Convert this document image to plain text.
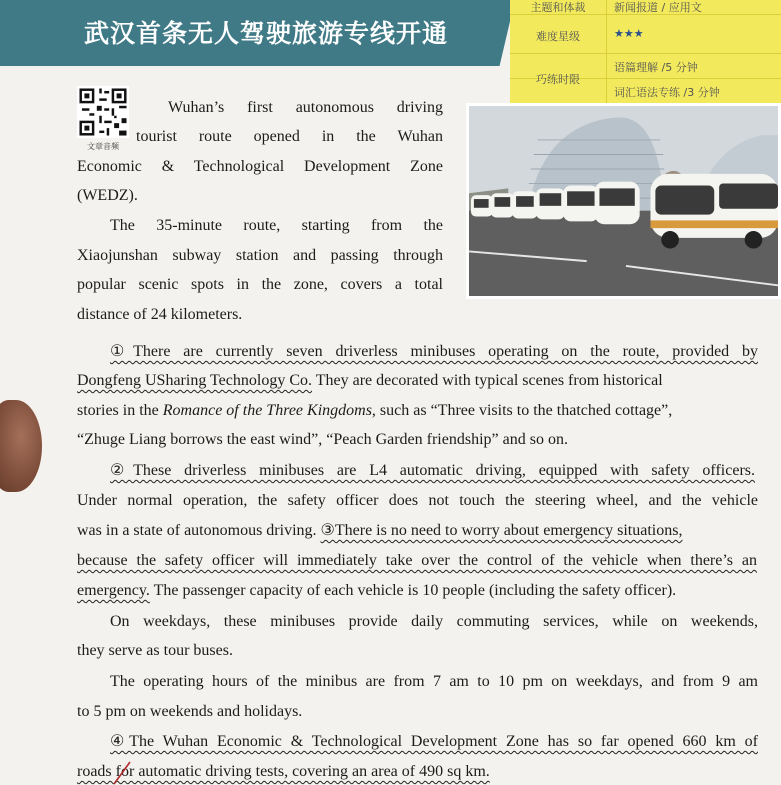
武汉首条无人驾驶旅游专线开通
主题和体裁	新闻报道 / 应用文
难度星级	★★★
巧练时限
语篇理解 /5 分钟
词汇语法专练 /3 分钟
文章音频
Wuhan’s first autonomous driving
tourist route opened in the Wuhan
Economic & Technological Development Zone
(WEDZ).
The 35-minute route, starting from the
Xiaojunshan subway station and passing through
popular scenic spots in the zone, covers a total
distance of 24 kilometers.
①There are currently seven driverless minibuses operating on the route, provided by
Dongfeng USharing Technology Co. They are decorated with typical scenes from historical
stories in the Romance of the Three Kingdoms, such as “Three visits to the thatched cottage”,
“Zhuge Liang borrows the east wind”, “Peach Garden friendship” and so on.
②These driverless minibuses are L4 automatic driving, equipped with safety officers.
Under normal operation, the safety officer does not touch the steering wheel, and the vehicle
was in a state of autonomous driving. ③There is no need to worry about emergency situations,
because the safety officer will immediately take over the control of the vehicle when there’s an
emergency. The passenger capacity of each vehicle is 10 people (including the safety officer).
On weekdays, these minibuses provide daily commuting services, while on weekends,
they serve as tour buses.
The operating hours of the minibus are from 7 am to 10 pm on weekdays, and from 9 am
to 5 pm on weekends and holidays.
④The Wuhan Economic & Technological Development Zone has so far opened 660 km of
roads for automatic driving tests, covering an area of 490 sq km.
